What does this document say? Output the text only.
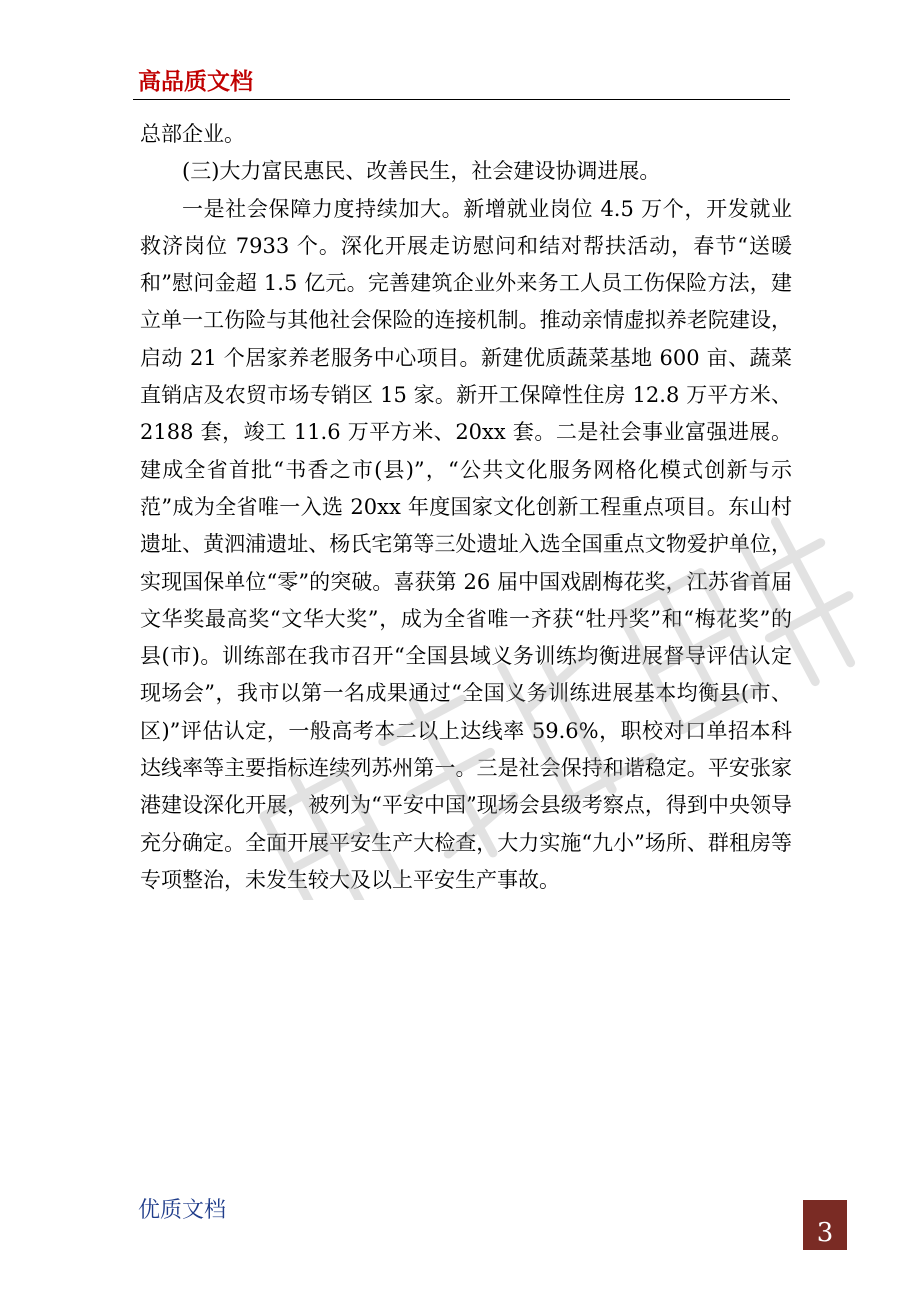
高品质文档

总部企业。

(三)大力富民惠民、改善民生，社会建设协调进展。

一是社会保障力度持续加大。新增就业岗位 4.5 万个，开发就业救济岗位 7933 个。深化开展走访慰问和结对帮扶活动，春节“送暖和”慰问金超 1.5 亿元。完善建筑企业外来务工人员工伤保险方法，建立单一工伤险与其他社会保险的连接机制。推动亲情虚拟养老院建设，启动 21 个居家养老服务中心项目。新建优质蔬菜基地 600 亩、蔬菜直销店及农贸市场专销区 15 家。新开工保障性住房 12.8 万平方米、2188 套，竣工 11.6 万平方米、20xx 套。二是社会事业富强进展。建成全省首批“书香之市(县)”，“公共文化服务网格化模式创新与示范”成为全省唯一入选 20xx 年度国家文化创新工程重点项目。东山村遗址、黄泗浦遗址、杨氏宅第等三处遗址入选全国重点文物爱护单位，实现国保单位“零”的突破。喜获第 26 届中国戏剧梅花奖，江苏省首届文华奖最高奖“文华大奖”，成为全省唯一齐获“牡丹奖”和“梅花奖”的县(市)。训练部在我市召开“全国县域义务训练均衡进展督导评估认定现场会”，我市以第一名成果通过“全国义务训练进展基本均衡县(市、区)”评估认定，一般高考本二以上达线率 59.6%，职校对口单招本科达线率等主要指标连续列苏州第一。三是社会保持和谐稳定。平安张家港建设深化开展，被列为“平安中国”现场会县级考察点，得到中央领导充分确定。全面开展平安生产大检查，大力实施“九小”场所、群租房等专项整治，未发生较大及以上平安生产事故。

优质文档

3
